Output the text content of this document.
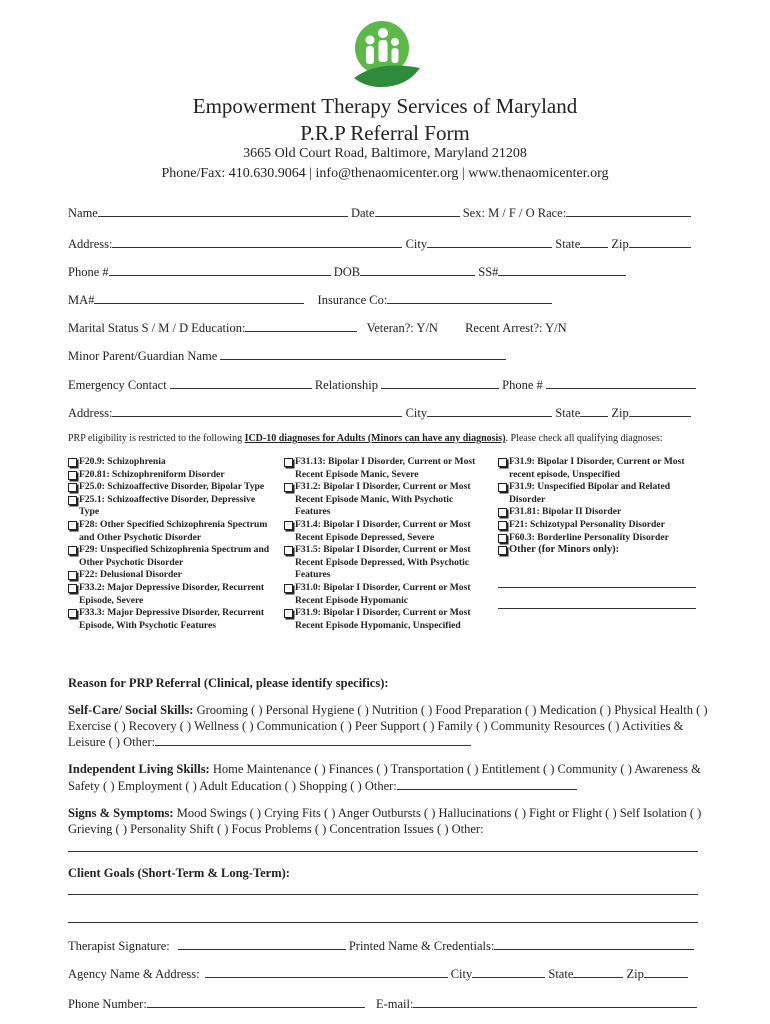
Empowerment Therapy Services of Maryland
P.R.P Referral Form
3665 Old Court Road, Baltimore, Maryland 21208
Phone/Fax: 410.630.9064 | info@thenaomicenter.org | www.thenaomicenter.org
Name	Date	Sex: M / F / O Race:
Address:	City	State Zip
Phone #	DOB	SS#
MA#	Insurance Co:
Marital Status S / M / D Education:	Veteran?: Y/N Recent Arrest?: Y/N
Minor Parent/Guardian Name
Emergency Contact	Relationship	Phone #
Address:	City	State Zip
PRP eligibility is restricted to the following ICD-10 diagnoses for Adults (Minors can have any diagnosis). Please check all qualifying diagnoses:
F20.9: Schizophrenia
F20.81: Schizophreniform Disorder
F25.0: Schizoaffective Disorder, Bipolar Type
F25.1: Schizoaffective Disorder, Depressive Type
F28: Other Specified Schizophrenia Spectrum and Other Psychotic Disorder
F29: Unspecified Schizophrenia Spectrum and Other Psychotic Disorder
F22: Delusional Disorder
F33.2: Major Depressive Disorder, Recurrent Episode, Severe
F33.3: Major Depressive Disorder, Recurrent Episode, With Psychotic Features
F31.13: Bipolar I Disorder, Current or Most Recent Episode Manic, Severe
F31.2: Bipolar I Disorder, Current or Most Recent Episode Manic, With Psychotic Features
F31.4: Bipolar I Disorder, Current or Most Recent Episode Depressed, Severe
F31.5: Bipolar I Disorder, Current or Most Recent Episode Depressed, With Psychotic Features
F31.0: Bipolar I Disorder, Current or Most Recent Episode Hypomanic
F31.9: Bipolar I Disorder, Current or Most Recent Episode Hypomanic, Unspecified
F31.9: Bipolar I Disorder, Current or Most recent episode, Unspecified
F31.9: Unspecified Bipolar and Related Disorder
F31.81: Bipolar II Disorder
F21: Schizotypal Personality Disorder
F60.3: Borderline Personality Disorder
Other (for Minors only):
Reason for PRP Referral (Clinical, please identify specifics):
Self-Care/ Social Skills: Grooming ( ) Personal Hygiene ( ) Nutrition ( ) Food Preparation ( ) Medication ( ) Physical Health ( ) Exercise ( ) Recovery ( ) Wellness ( ) Communication ( ) Peer Support ( ) Family ( ) Community Resources ( ) Activities & Leisure ( ) Other:
Independent Living Skills: Home Maintenance ( ) Finances ( ) Transportation ( ) Entitlement ( ) Community ( ) Awareness & Safety ( ) Employment ( ) Adult Education ( ) Shopping ( ) Other:
Signs & Symptoms: Mood Swings ( ) Crying Fits ( ) Anger Outbursts ( ) Hallucinations ( ) Fight or Flight ( ) Self Isolation ( ) Grieving ( ) Personality Shift ( ) Focus Problems ( ) Concentration Issues ( ) Other:
Client Goals (Short-Term & Long-Term):
Therapist Signature:	Printed Name & Credentials:
Agency Name & Address:	City	State	Zip
Phone Number:	E-mail:
